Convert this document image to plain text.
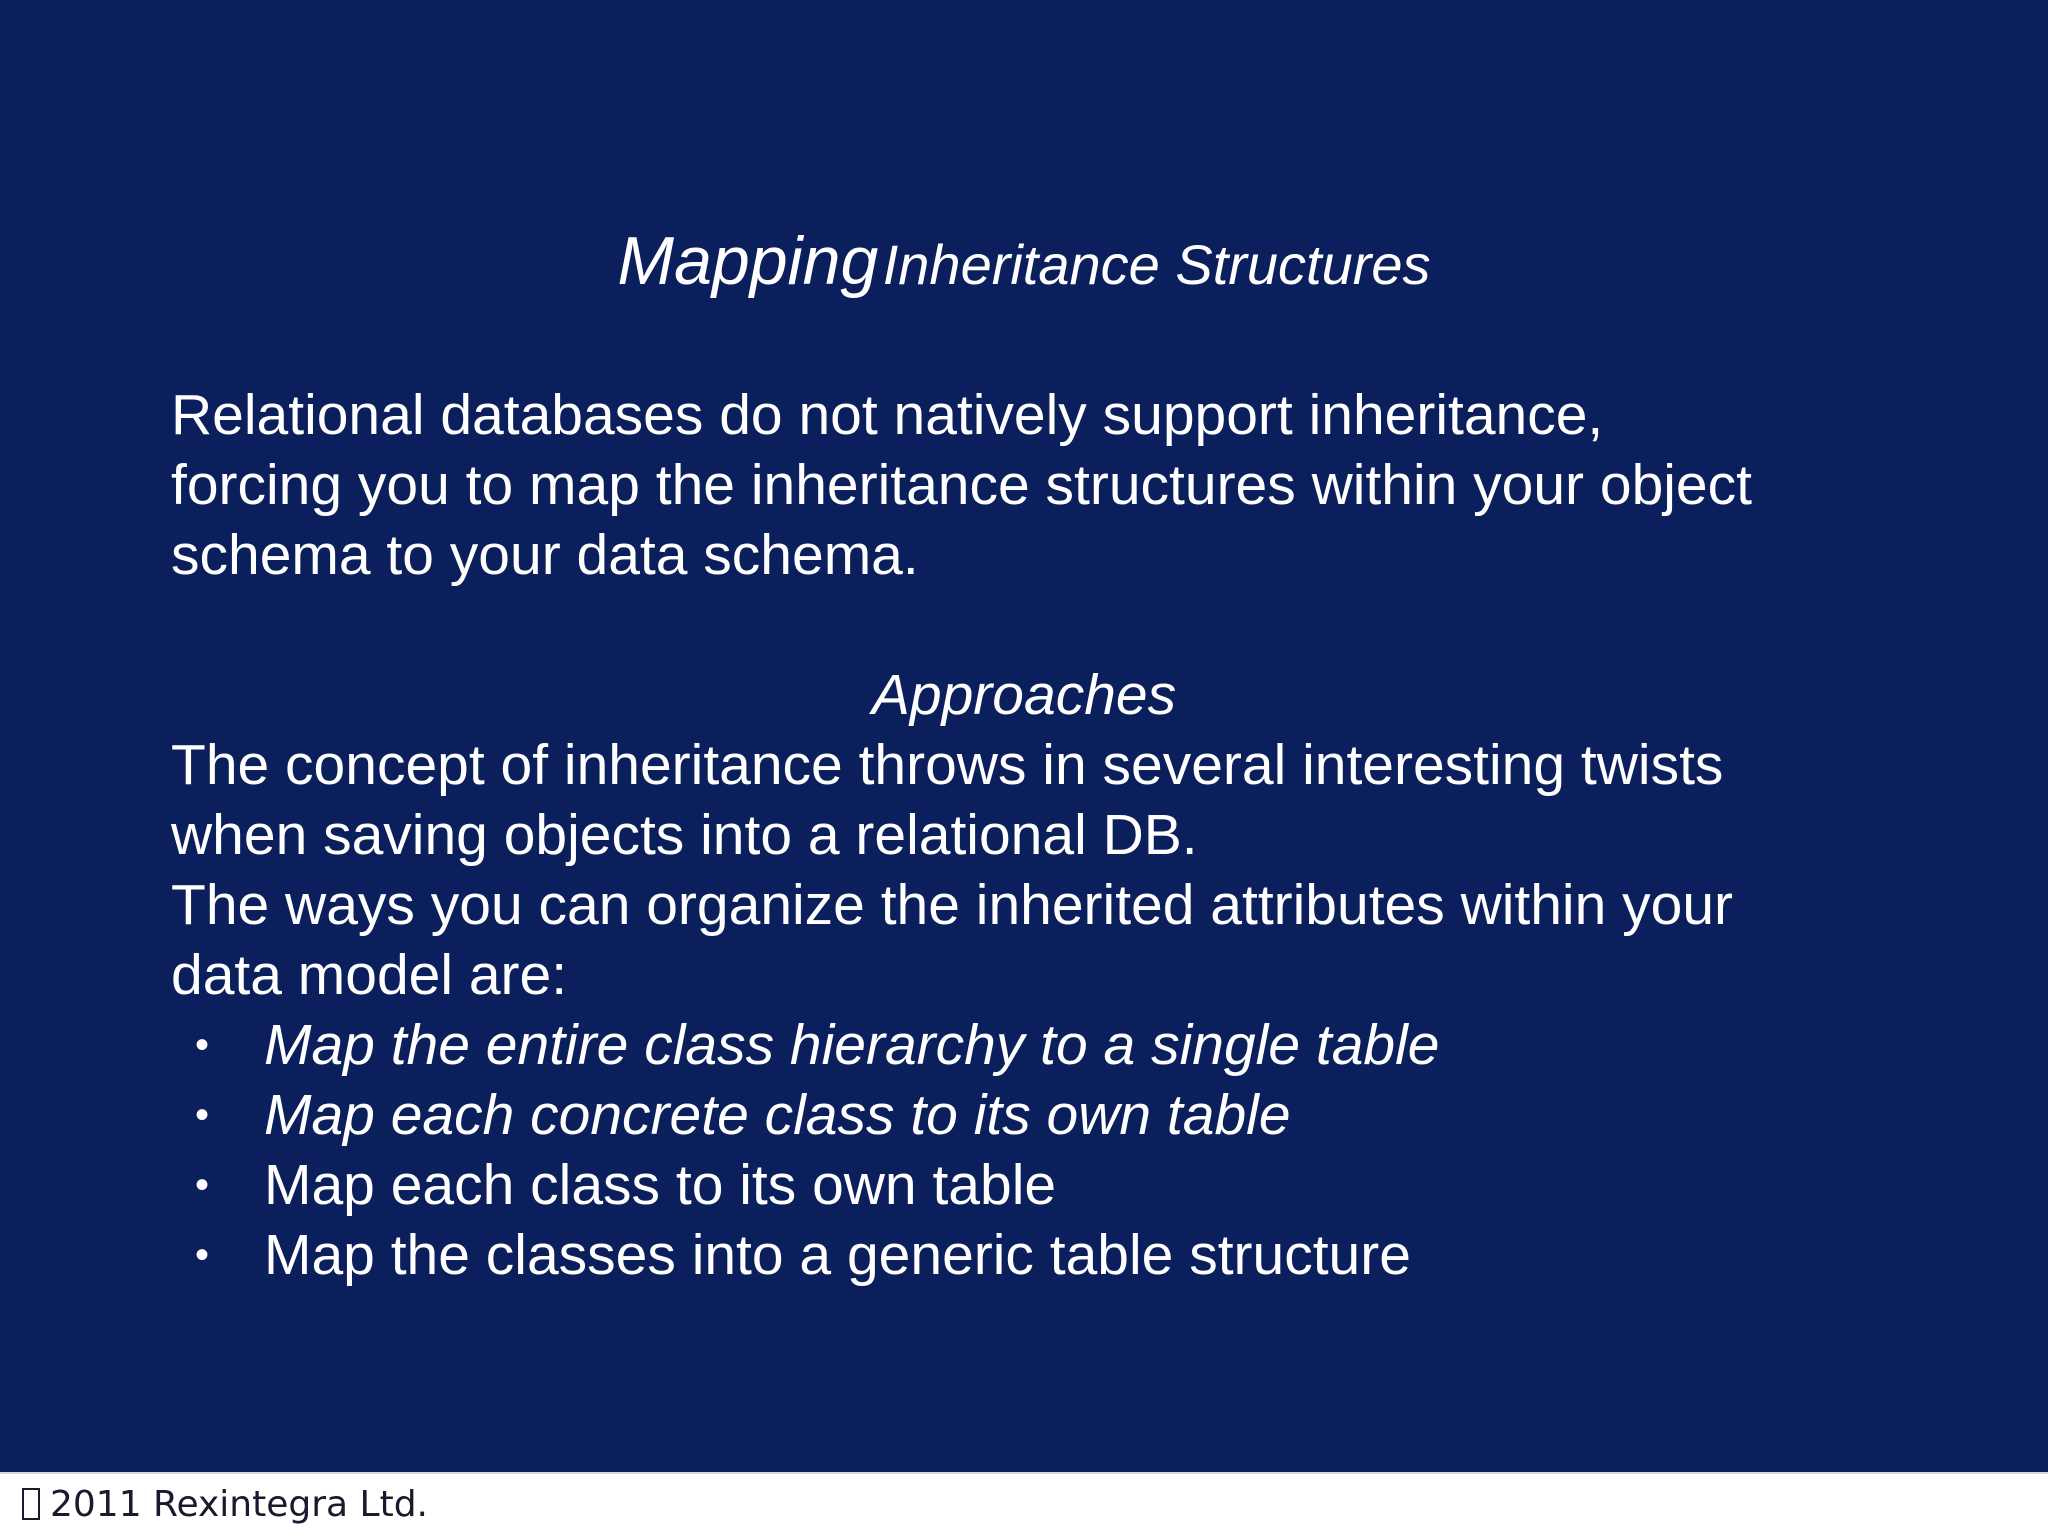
Mapping Inheritance Structures
Relational databases do not natively support inheritance,
forcing you to map the inheritance structures within your object
schema to your data schema.
Approaches
The concept of inheritance throws in several interesting twists
when saving objects into a relational DB.
The ways you can organize the inherited attributes within your
data model are:
• Map the entire class hierarchy to a single table
• Map each concrete class to its own table
• Map each class to its own table
• Map the classes into a generic table structure
2011 Rexintegra Ltd.
